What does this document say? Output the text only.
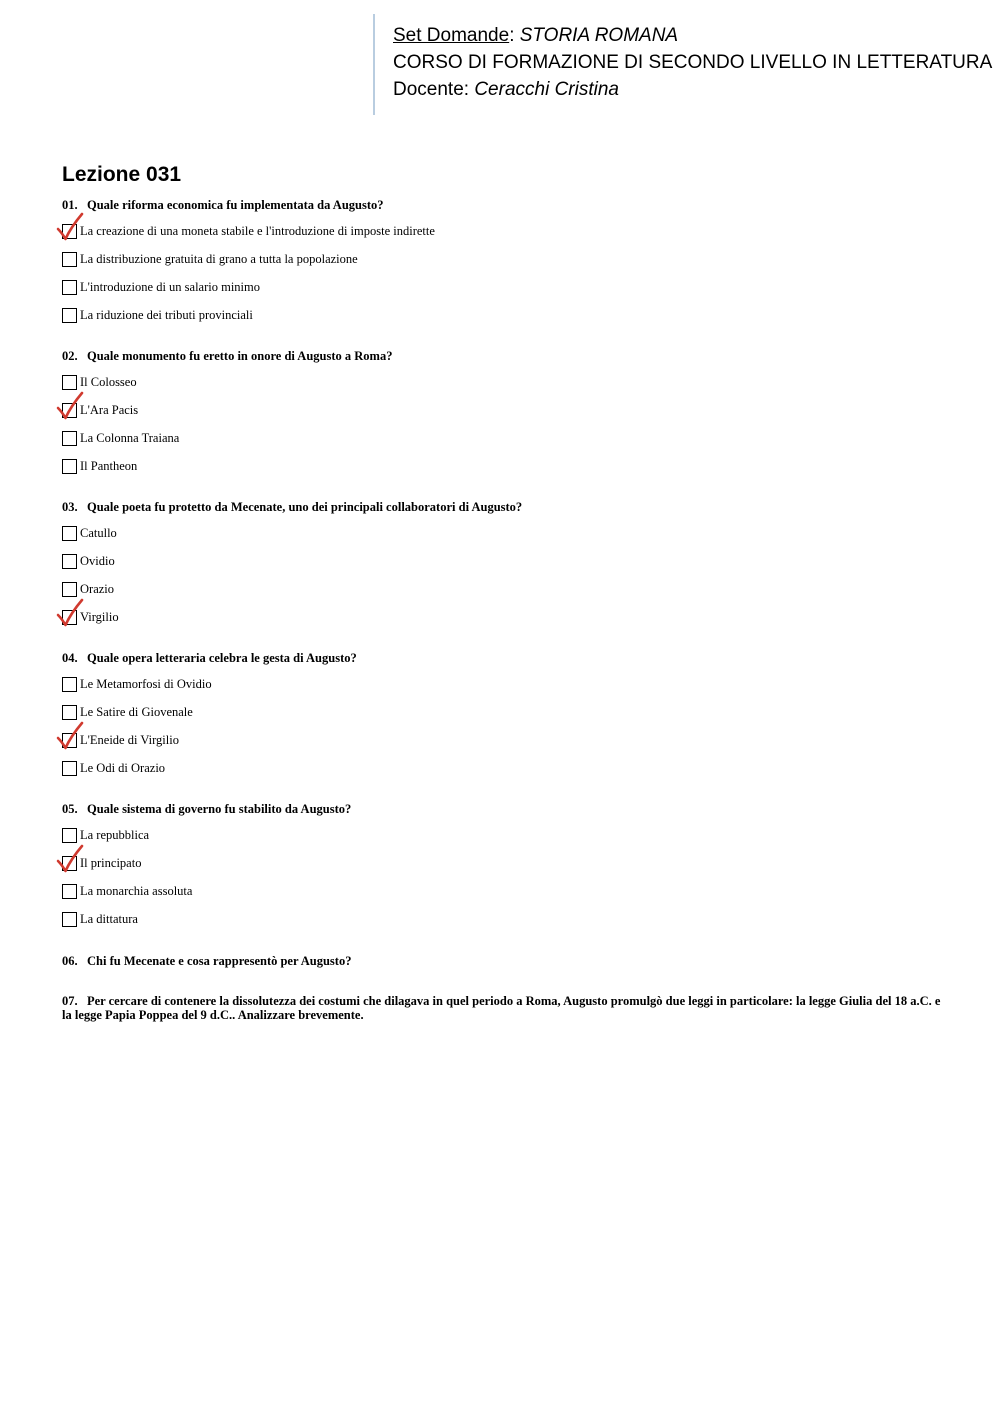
Set Domande: STORIA ROMANA
CORSO DI FORMAZIONE DI SECONDO LIVELLO IN LETTERATURA
Docente: Ceracchi Cristina
Lezione 031
01. Quale riforma economica fu implementata da Augusto?
La creazione di una moneta stabile e l'introduzione di imposte indirette
La distribuzione gratuita di grano a tutta la popolazione
L'introduzione di un salario minimo
La riduzione dei tributi provinciali
02. Quale monumento fu eretto in onore di Augusto a Roma?
Il Colosseo
L'Ara Pacis
La Colonna Traiana
Il Pantheon
03. Quale poeta fu protetto da Mecenate, uno dei principali collaboratori di Augusto?
Catullo
Ovidio
Orazio
Virgilio
04. Quale opera letteraria celebra le gesta di Augusto?
Le Metamorfosi di Ovidio
Le Satire di Giovenale
L'Eneide di Virgilio
Le Odi di Orazio
05. Quale sistema di governo fu stabilito da Augusto?
La repubblica
Il principato
La monarchia assoluta
La dittatura
06. Chi fu Mecenate e cosa rappresentò per Augusto?
07. Per cercare di contenere la dissolutezza dei costumi che dilagava in quel periodo a Roma, Augusto promulgò due leggi in particolare: la legge Giulia del 18 a.C. e la legge Papia Poppea del 9 d.C.. Analizzare brevemente.
